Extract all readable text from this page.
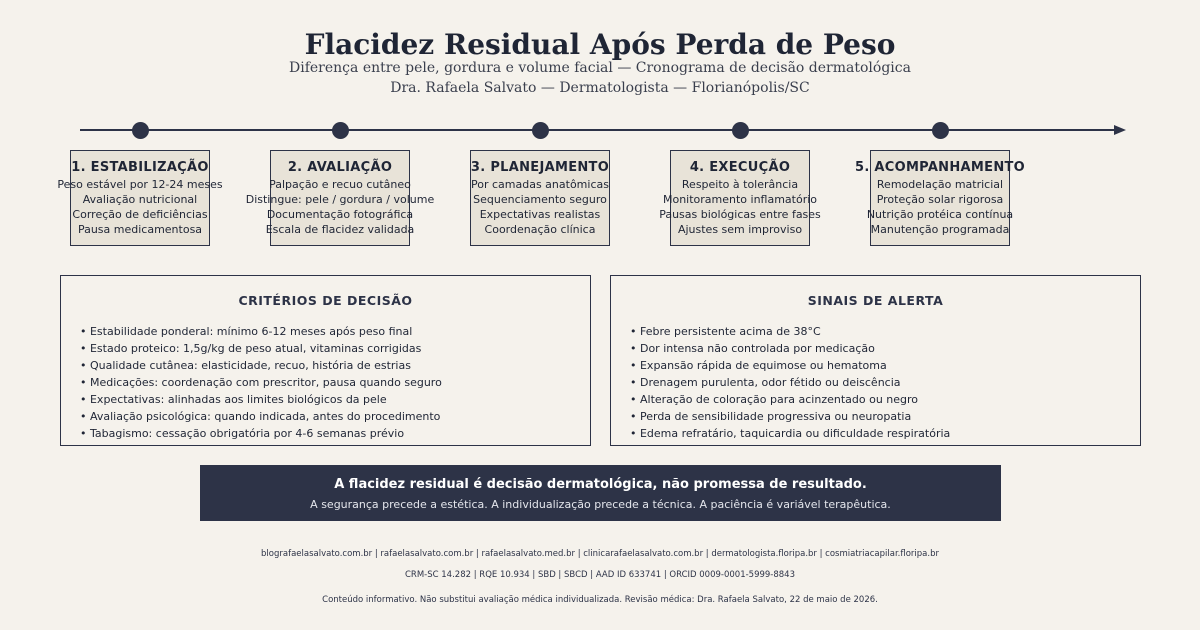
Flacidez Residual Após Perda de Peso
Diferença entre pele, gordura e volume facial — Cronograma de decisão dermatológica
Dra. Rafaela Salvato — Dermatologista — Florianópolis/SC
1. ESTABILIZAÇÃO
Peso estável por 12-24 meses
Avaliação nutricional
Correção de deficiências
Pausa medicamentosa
2. AVALIAÇÃO
Palpação e recuo cutâneo
Distingue: pele / gordura / volume
Documentação fotográfica
Escala de flacidez validada
3. PLANEJAMENTO
Por camadas anatômicas
Sequenciamento seguro
Expectativas realistas
Coordenação clínica
4. EXECUÇÃO
Respeito à tolerância
Monitoramento inflamatório
Pausas biológicas entre fases
Ajustes sem improviso
5. ACOMPANHAMENTO
Remodelação matricial
Proteção solar rigorosa
Nutrição protéica contínua
Manutenção programada
CRITÉRIOS DE DECISÃO
• Estabilidade ponderal: mínimo 6-12 meses após peso final
• Estado proteico: 1,5g/kg de peso atual, vitaminas corrigidas
• Qualidade cutânea: elasticidade, recuo, história de estrias
• Medicações: coordenação com prescritor, pausa quando seguro
• Expectativas: alinhadas aos limites biológicos da pele
• Avaliação psicológica: quando indicada, antes do procedimento
• Tabagismo: cessação obrigatória por 4-6 semanas prévio
SINAIS DE ALERTA
• Febre persistente acima de 38°C
• Dor intensa não controlada por medicação
• Expansão rápida de equimose ou hematoma
• Drenagem purulenta, odor fétido ou deiscência
• Alteração de coloração para acinzentado ou negro
• Perda de sensibilidade progressiva ou neuropatia
• Edema refratário, taquicardia ou dificuldade respiratória
A flacidez residual é decisão dermatológica, não promessa de resultado.
A segurança precede a estética. A individualização precede a técnica. A paciência é variável terapêutica.
blografaelasalvato.com.br | rafaelasalvato.com.br | rafaelasalvato.med.br | clinicarafaelasalvato.com.br | dermatologista.floripa.br | cosmiatriacapilar.floripa.br
CRM-SC 14.282 | RQE 10.934 | SBD | SBCD | AAD ID 633741 | ORCID 0009-0001-5999-8843
Conteúdo informativo. Não substitui avaliação médica individualizada. Revisão médica: Dra. Rafaela Salvato, 22 de maio de 2026.
